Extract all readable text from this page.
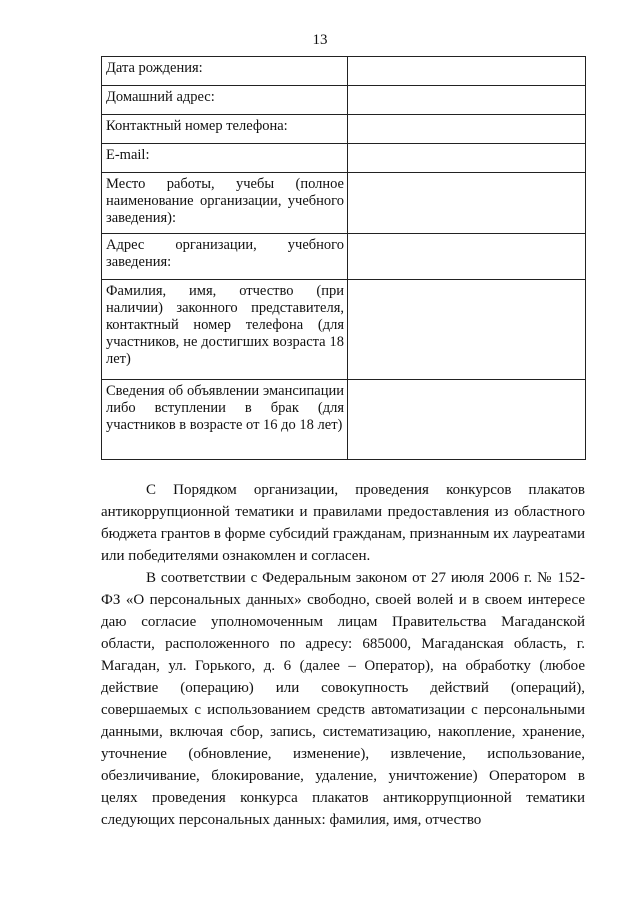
13
Дата рождения:	
Домашний адрес:	
Контактный номер телефона:	
E-mail:	
Место работы, учебы (полное наименование организации, учебного заведения):	
Адрес организации, учебного заведения:	
Фамилия, имя, отчество (при наличии) законного представителя, контактный номер телефона (для участников, не достигших возраста 18 лет)	
Сведения об объявлении эмансипации либо вступлении в брак (для участников в возрасте от 16 до 18 лет)	

С Порядком организации, проведения конкурсов плакатов антикоррупционной тематики и правилами предоставления из областного бюджета грантов в форме субсидий гражданам, признанным их лауреатами или победителями ознакомлен и согласен.

В соответствии с Федеральным законом от 27 июля 2006 г. № 152-ФЗ «О персональных данных» свободно, своей волей и в своем интересе даю согласие уполномоченным лицам Правительства Магаданской области, расположенного по адресу: 685000, Магаданская область, г. Магадан, ул. Горького, д. 6 (далее – Оператор), на обработку (любое действие (операцию) или совокупность действий (операций), совершаемых с использованием средств автоматизации с персональными данными, включая сбор, запись, систематизацию, накопление, хранение, уточнение (обновление, изменение), извлечение, использование, обезличивание, блокирование, удаление, уничтожение) Оператором в целях проведения конкурса плакатов антикоррупционной тематики следующих персональных данных: фамилия, имя, отчество
